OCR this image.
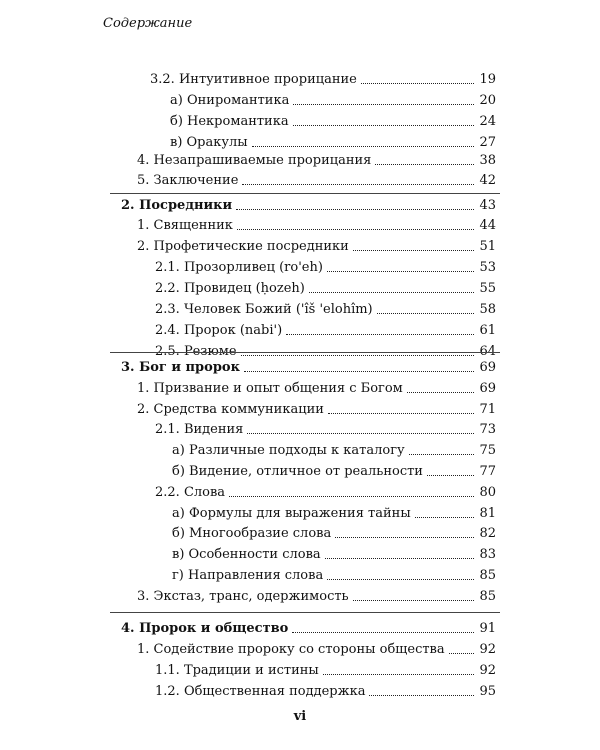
Содержание
3.2. Интуитивное прорицание	19
а) Ониромантика	20
б) Некромантика	24
в) Оракулы	27
4. Незапрашиваемые прорицания	38
5. Заключение	42
2. Посредники	43
1. Священник	44
2. Профетические посредники	51
2.1. Прозорливец (ro'eh)	53
2.2. Провидец (ḥozeh)	55
2.3. Человек Божий ('îš 'elohîm)	58
2.4. Пророк (nabi')	61
2.5. Резюме	64
3. Бог и пророк	69
1. Призвание и опыт общения с Богом	69
2. Средства коммуникации	71
2.1. Видения	73
а) Различные подходы к каталогу	75
б) Видение, отличное от реальности	77
2.2. Слова	80
а) Формулы для выражения тайны	81
б) Многообразие слова	82
в) Особенности слова	83
г) Направления слова	85
3. Экстаз, транс, одержимость	85
4. Пророк и общество	91
1. Содействие пророку со стороны общества	92
1.1. Традиции и истины	92
1.2. Общественная поддержка	95
vi
